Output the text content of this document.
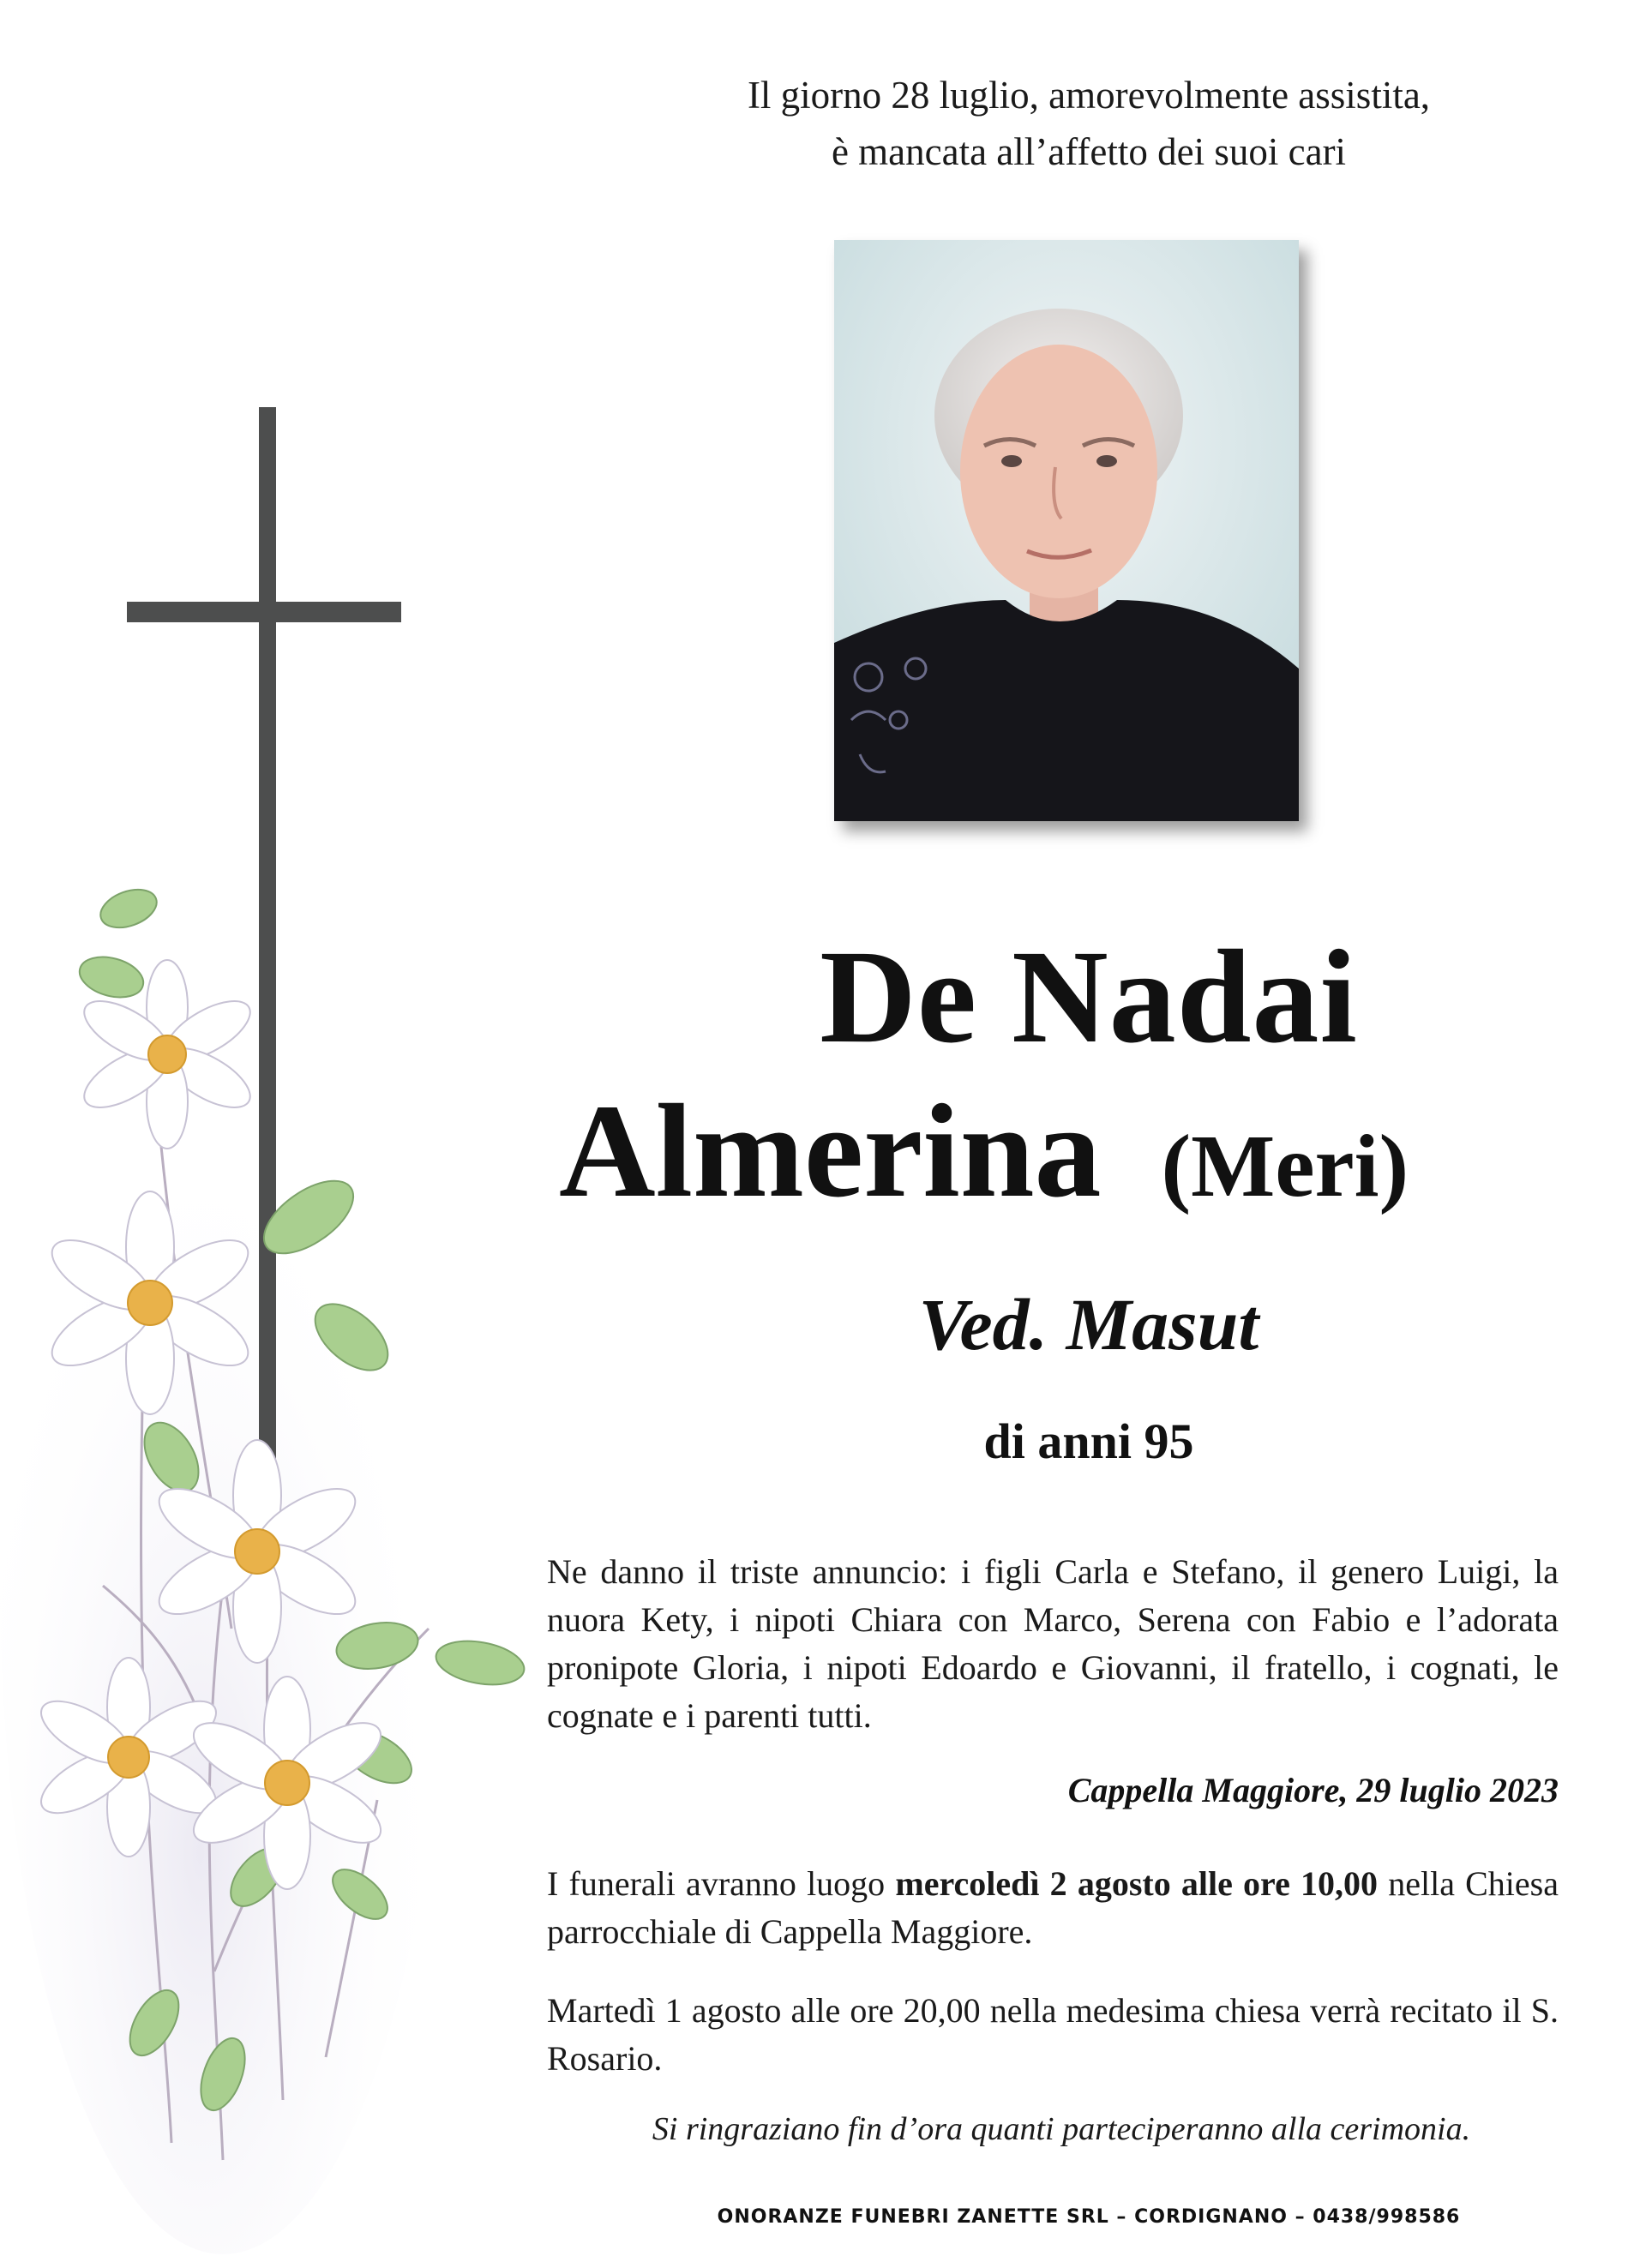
Il giorno 28 luglio, amorevolmente assistita,
è mancata all’affetto dei suoi cari
De Nadai
Almerina (Meri)
Ved. Masut
di anni 95
Ne danno il triste annuncio: i figli Carla e Stefano, il genero Luigi, la nuora Kety, i nipoti Chiara con Marco, Serena con Fabio e l’adorata pronipote Gloria, i nipoti Edoardo e Giovanni, il fratello, i cognati, le cognate e i parenti tutti.
Cappella Maggiore, 29 luglio 2023
I funerali avranno luogo mercoledì 2 agosto alle ore 10,00 nella Chiesa parrocchiale di Cappella Maggiore.
Martedì 1 agosto alle ore 20,00 nella medesima chiesa verrà recitato il S. Rosario.
Si ringraziano fin d’ora quanti parteciperanno alla cerimonia.
ONORANZE FUNEBRI ZANETTE SRL – CORDIGNANO – 0438/998586
